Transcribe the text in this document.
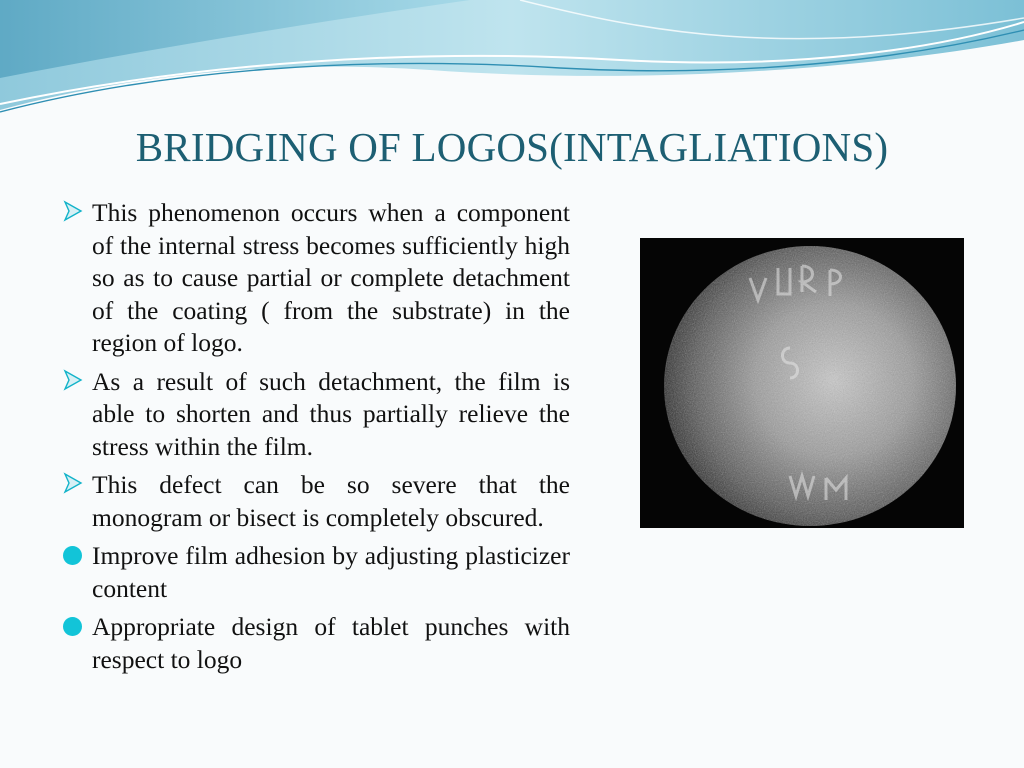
BRIDGING OF LOGOS(INTAGLIATIONS)
This phenomenon occurs when a component of the internal stress becomes sufficiently high so as to cause partial or complete detachment of the coating ( from the substrate) in the region of logo.
As a result of such detachment, the film is able to shorten and thus partially relieve the stress within the film.
This defect can be so severe that the monogram or bisect is completely obscured.
Improve film adhesion by adjusting plasticizer content
Appropriate design of tablet punches with respect to logo
